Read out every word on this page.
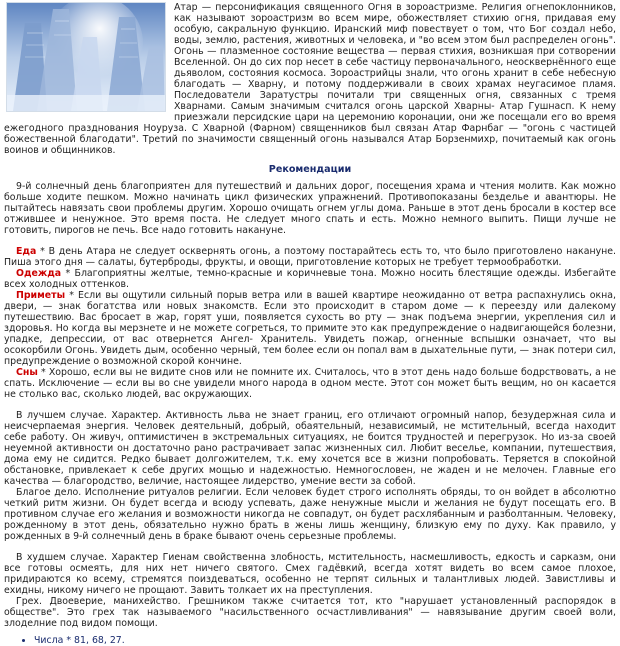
Атар — персонификация священного Огня в зороастризме. Религия огнепоклонников, как называют зороастризм во всем мире, обожествляет стихию огня, придавая ему особую, сакральную функцию. Иранский миф повествует о том, что Бог создал небо, воды, землю, растения, животных и человека, и "во всем этом был распределен огонь". Огонь — плазменное состояние вещества — первая стихия, возникшая при сотворении Вселенной. Он до сих пор несет в себе частицу первоначального, неосквернённого еще дьяволом, состояния космоса. Зороастрийцы знали, что огонь хранит в себе небесную благодать — Хварну, и потому поддерживали в своих храмах неугасимое пламя. Последователи Заратустры почитали три священных огня, связанных с тремя Хварнами. Самым значимым считался огонь царской Хварны- Атар Гушнасп. К нему приезжали персидские цари на церемонию коронации, они же посещали его во время ежегодного празднования Ноуруза. С Хварной (Фарном) священников был связан Атар Фарнбаг — "огонь с частицей божественной благодати". Третий по значимости священный огонь назывался Атар Борзенмихр, почитаемый как огонь воинов и общинников.

Рекомендации

9-й солнечный день благоприятен для путешествий и дальних дорог, посещения храма и чтения молитв. Как можно больше ходите пешком. Можно начинать цикл физических упражнений. Противопоказаны безделье и авантюры. Не пытайтесь навязать свои проблемы другим. Хорошо очищать огнем углы дома. Раньше в этот день бросали в костер все отжившее и ненужное. Это время поста. Не следует много спать и есть. Можно немного выпить. Пищи лучше не готовить, пирогов не печь. Все надо готовить накануне.

Еда * В день Атара не следует осквернять огонь, а поэтому постарайтесь есть то, что было приготовлено накануне. Пиша этого дня — салаты, бутерброды, фрукты, и овощи, приготовление которых не требует термообработки.

Одежда * Благоприятны желтые, темно-красные и коричневые тона. Можно носить блестящие одежды. Избегайте всех холодных оттенков.

Приметы * Если вы ощутили сильный порыв ветра или в вашей квартире неожиданно от ветра распахнулись окна, двери, — знак богатства или новых знакомств. Если это происходит в старом доме — к переезду или далекому путешествию. Вас бросает в жар, горят уши, появляется сухость во рту — знак подъема энергии, укрепления сил и здоровья. Но когда вы мерзнете и не можете согреться, то примите это как предупреждение о надвигающейся болезни, упадке, депрессии, от вас отвернется Ангел- Хранитель. Увидеть пожар, огненные вспышки означает, что вы осокорбили Огонь. Увидеть дым, особенно черный, тем более если он попал вам в дыхательные пути, — знак потери сил, предупреждение о возможной скорой кончине.

Сны * Хорошо, если вы не видите снов или не помните их. Считалось, что в этот день надо больше бодрствовать, а не спать. Исключение — если вы во сне увидели много народа в одном месте. Этот сон может быть вещим, но он касается не столько вас, сколько людей, вас окружающих.

В лучшем случае. Характер. Активность льва не знает границ, его отличают огромный напор, безудержная сила и неисчерпаемая энергия. Человек деятельный, добрый, обаятельный, независимый, не мстительный, всегда находит себе работу. Он живуч, оптимистичен в экстремальных ситуациях, не боится трудностей и перегрузок. Но из-за своей неуемной активности он достаточно рано растрачивает запас жизненных сил. Любит веселье, компании, путешествия, дома ему не сидится. Редко бывает долгожителем, т.к. ему хочется все в жизни попробовать. Теряется в спокойной обстановке, привлекает к себе других мощью и надежностью. Немногословен, не жаден и не мелочен. Главные его качества — благородство, величие, настоящее лидерство, умение вести за собой.

Благое дело. Исполнение ритуалов религии. Если человек будет строго исполнять обряды, то он войдет в абсолютно четкий ритм жизни. Он будет всегда и всюду успевать, даже ненужные мысли и желания не будут посещать его. В противном случае его желания и возможности никогда не совпадут, он будет расхлябанным и разболтанным. Человеку, рожденному в этот день, обязательно нужно брать в жены лишь женщину, близкую ему по духу. Как правило, у рожденных в 9-й солнечный день в браке бывают очень серьезные проблемы.

В худшем случае. Характер Гиенам свойственна злобность, мстительность, насмешливость, едкость и сарказм, они все готовы осмеять, для них нет ничего святого. Смех гадёвкий, всегда хотят видеть во всем самое плохое, придираются ко всему, стремятся поиздеваться, особенно не терпят сильных и талантливых людей. Завистливы и ехидны, никому ничего не прощают. Завить толкает их на преступления.

Грех. Двоеверие, манихейство. Грешником также считается тот, кто "нарушает установленный распорядок в обществе". Это грех так называемого "насильственного осчастливливания" — навязывание другим своей воли, злоделние под видом помощи.

• Числа * 81, 68, 27.
